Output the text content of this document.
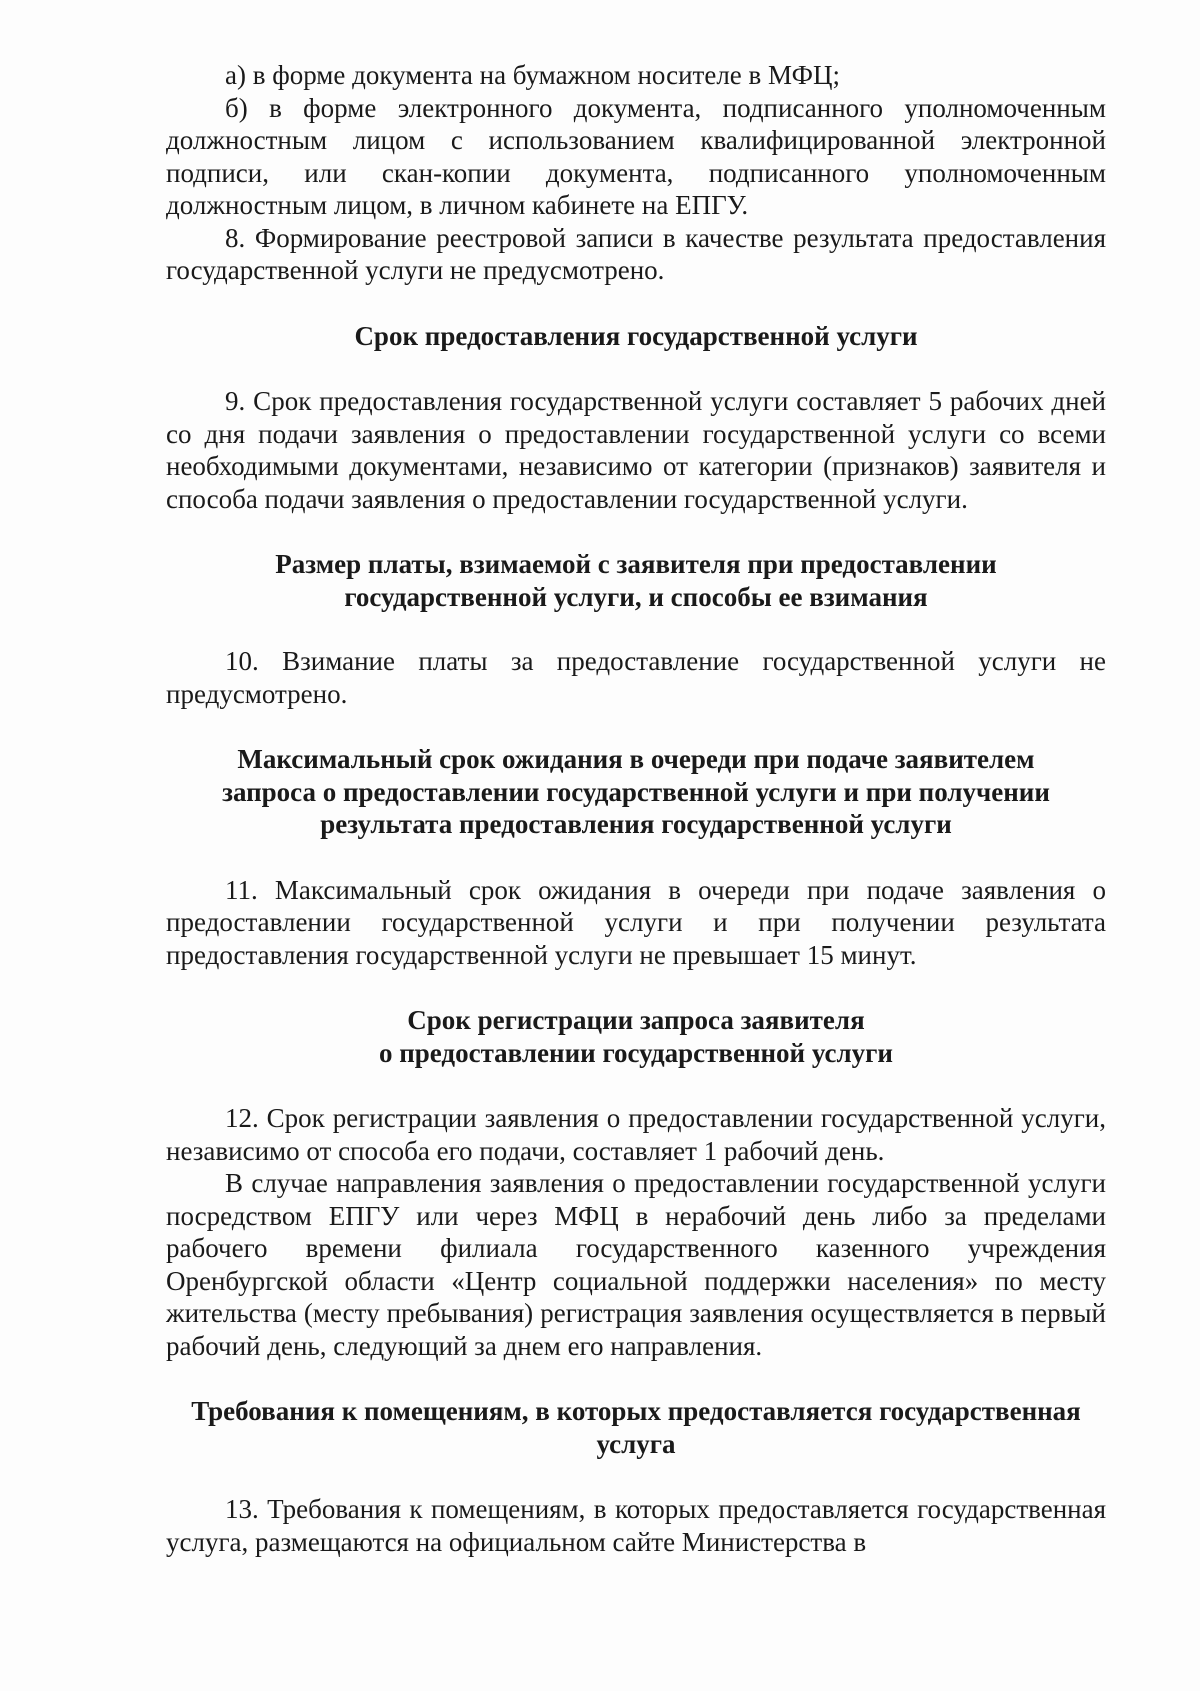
а) в форме документа на бумажном носителе в МФЦ;

б) в форме электронного документа, подписанного уполномоченным должностным лицом с использованием квалифицированной электронной подписи, или скан-копии документа, подписанного уполномоченным должностным лицом, в личном кабинете на ЕПГУ.

8. Формирование реестровой записи в качестве результата предоставления государственной услуги не предусмотрено.

Срок предоставления государственной услуги

9. Срок предоставления государственной услуги составляет 5 рабочих дней со дня подачи заявления о предоставлении государственной услуги со всеми необходимыми документами, независимо от категории (признаков) заявителя и способа подачи заявления о предоставлении государственной услуги.

Размер платы, взимаемой с заявителя при предоставлении
государственной услуги, и способы ее взимания

10. Взимание платы за предоставление государственной услуги не предусмотрено.

Максимальный срок ожидания в очереди при подаче заявителем
запроса о предоставлении государственной услуги и при получении
результата предоставления государственной услуги

11. Максимальный срок ожидания в очереди при подаче заявления о предоставлении государственной услуги и при получении результата предоставления государственной услуги не превышает 15 минут.

Срок регистрации запроса заявителя
о предоставлении государственной услуги

12. Срок регистрации заявления о предоставлении государственной услуги, независимо от способа его подачи, составляет 1 рабочий день.

В случае направления заявления о предоставлении государственной услуги посредством ЕПГУ или через МФЦ в нерабочий день либо за пределами рабочего времени филиала государственного казенного учреждения Оренбургской области «Центр социальной поддержки населения» по месту жительства (месту пребывания) регистрация заявления осуществляется в первый рабочий день, следующий за днем его направления.

Требования к помещениям, в которых предоставляется государственная
услуга

13. Требования к помещениям, в которых предоставляется государственная услуга, размещаются на официальном сайте Министерства в
